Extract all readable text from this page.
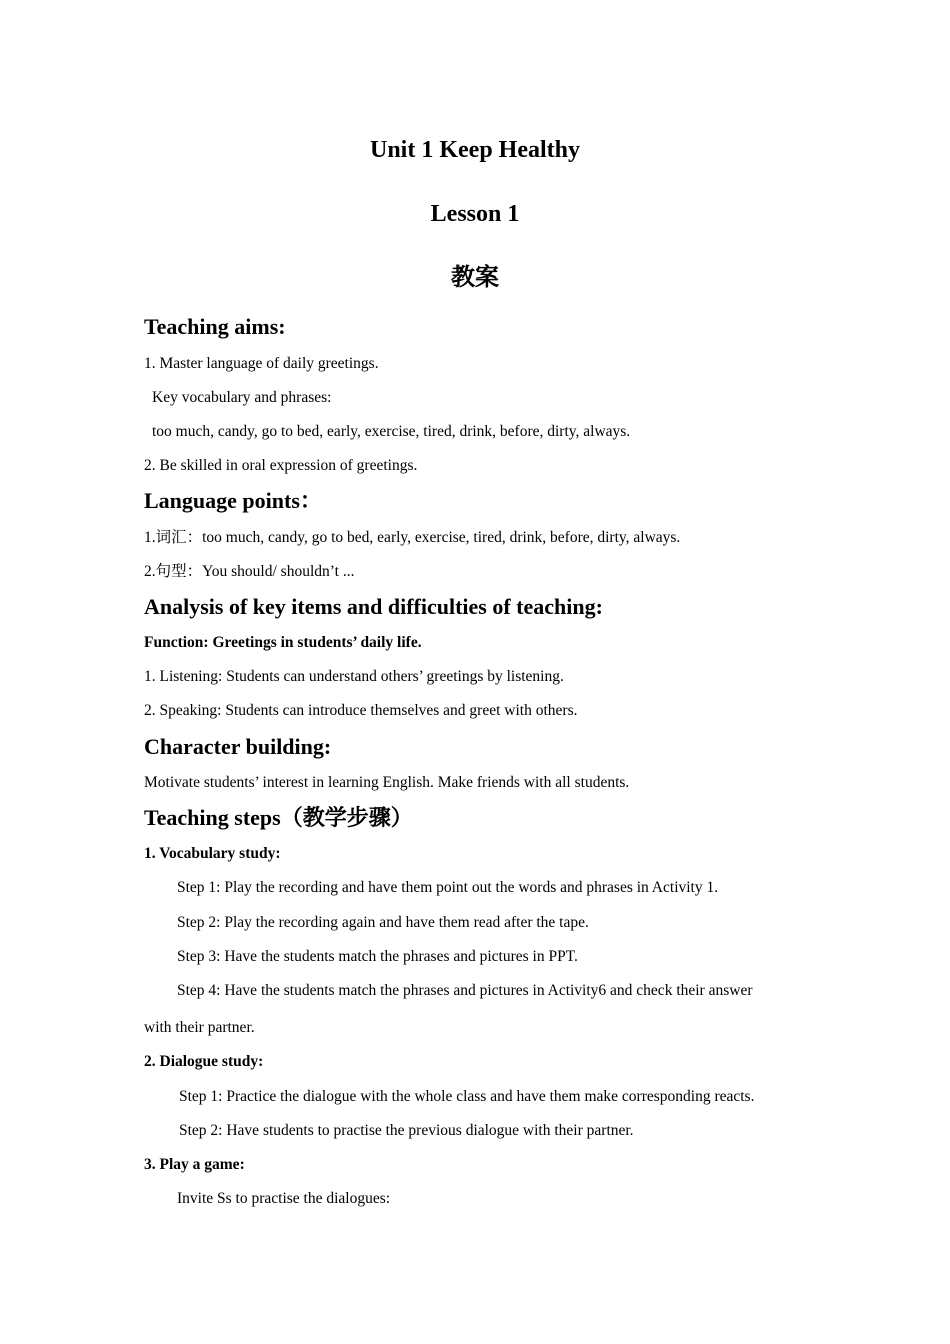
Unit 1 Keep Healthy
Lesson 1
教案
Teaching aims:
1. Master language of daily greetings.
Key vocabulary and phrases:
too much, candy, go to bed, early, exercise, tired, drink, before, dirty, always.
2. Be skilled in oral expression of greetings.
Language points：
1.词汇：too much, candy, go to bed, early, exercise, tired, drink, before, dirty, always.
2.句型：You should/ shouldn’t ...
Analysis of key items and difficulties of teaching:
Function: Greetings in students’ daily life.
1. Listening: Students can understand others’ greetings by listening.
2. Speaking: Students can introduce themselves and greet with others.
Character building:
Motivate students’ interest in learning English. Make friends with all students.
Teaching steps（教学步骤）
1. Vocabulary study:
Step 1: Play the recording and have them point out the words and phrases in Activity 1.
Step 2: Play the recording again and have them read after the tape.
Step 3: Have the students match the phrases and pictures in PPT.
Step 4: Have the students match the phrases and pictures in Activity6 and check their answer
with their partner.
2. Dialogue study:
Step 1: Practice the dialogue with the whole class and have them make corresponding reacts.
Step 2: Have students to practise the previous dialogue with their partner.
3. Play a game:
Invite Ss to practise the dialogues:
